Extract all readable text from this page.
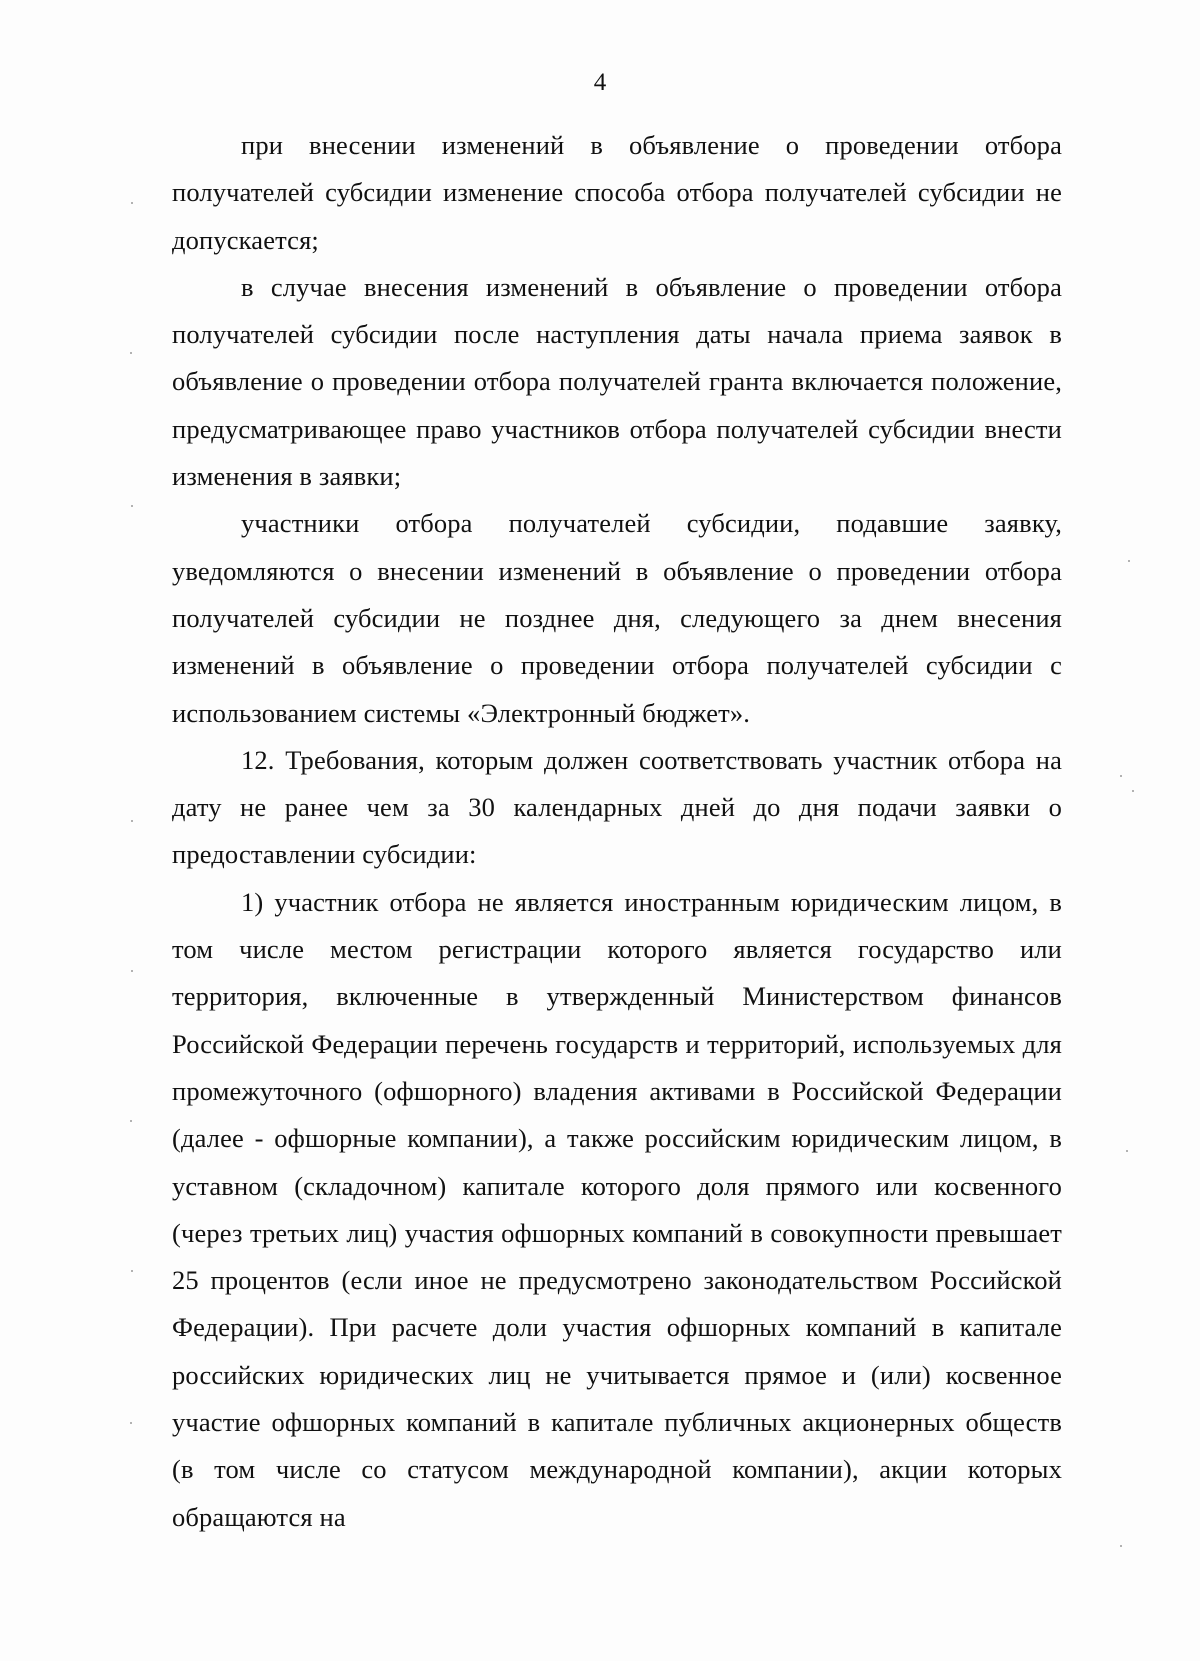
4

при внесении изменений в объявление о проведении отбора получателей субсидии изменение способа отбора получателей субсидии не допускается;

в случае внесения изменений в объявление о проведении отбора получателей субсидии после наступления даты начала приема заявок в объявление о проведении отбора получателей гранта включается положение, предусматривающее право участников отбора получателей субсидии внести изменения в заявки;

участники отбора получателей субсидии, подавшие заявку, уведомляются о внесении изменений в объявление о проведении отбора получателей субсидии не позднее дня, следующего за днем внесения изменений в объявление о проведении отбора получателей субсидии с использованием системы «Электронный бюджет».

12. Требования, которым должен соответствовать участник отбора на дату не ранее чем за 30 календарных дней до дня подачи заявки о предоставлении субсидии:

1) участник отбора не является иностранным юридическим лицом, в том числе местом регистрации которого является государство или территория, включенные в утвержденный Министерством финансов Российской Федерации перечень государств и территорий, используемых для промежуточного (офшорного) владения активами в Российской Федерации (далее - офшорные компании), а также российским юридическим лицом, в уставном (складочном) капитале которого доля прямого или косвенного (через третьих лиц) участия офшорных компаний в совокупности превышает 25 процентов (если иное не предусмотрено законодательством Российской Федерации). При расчете доли участия офшорных компаний в капитале российских юридических лиц не учитывается прямое и (или) косвенное участие офшорных компаний в капитале публичных акционерных обществ (в том числе со статусом международной компании), акции которых обращаются на
